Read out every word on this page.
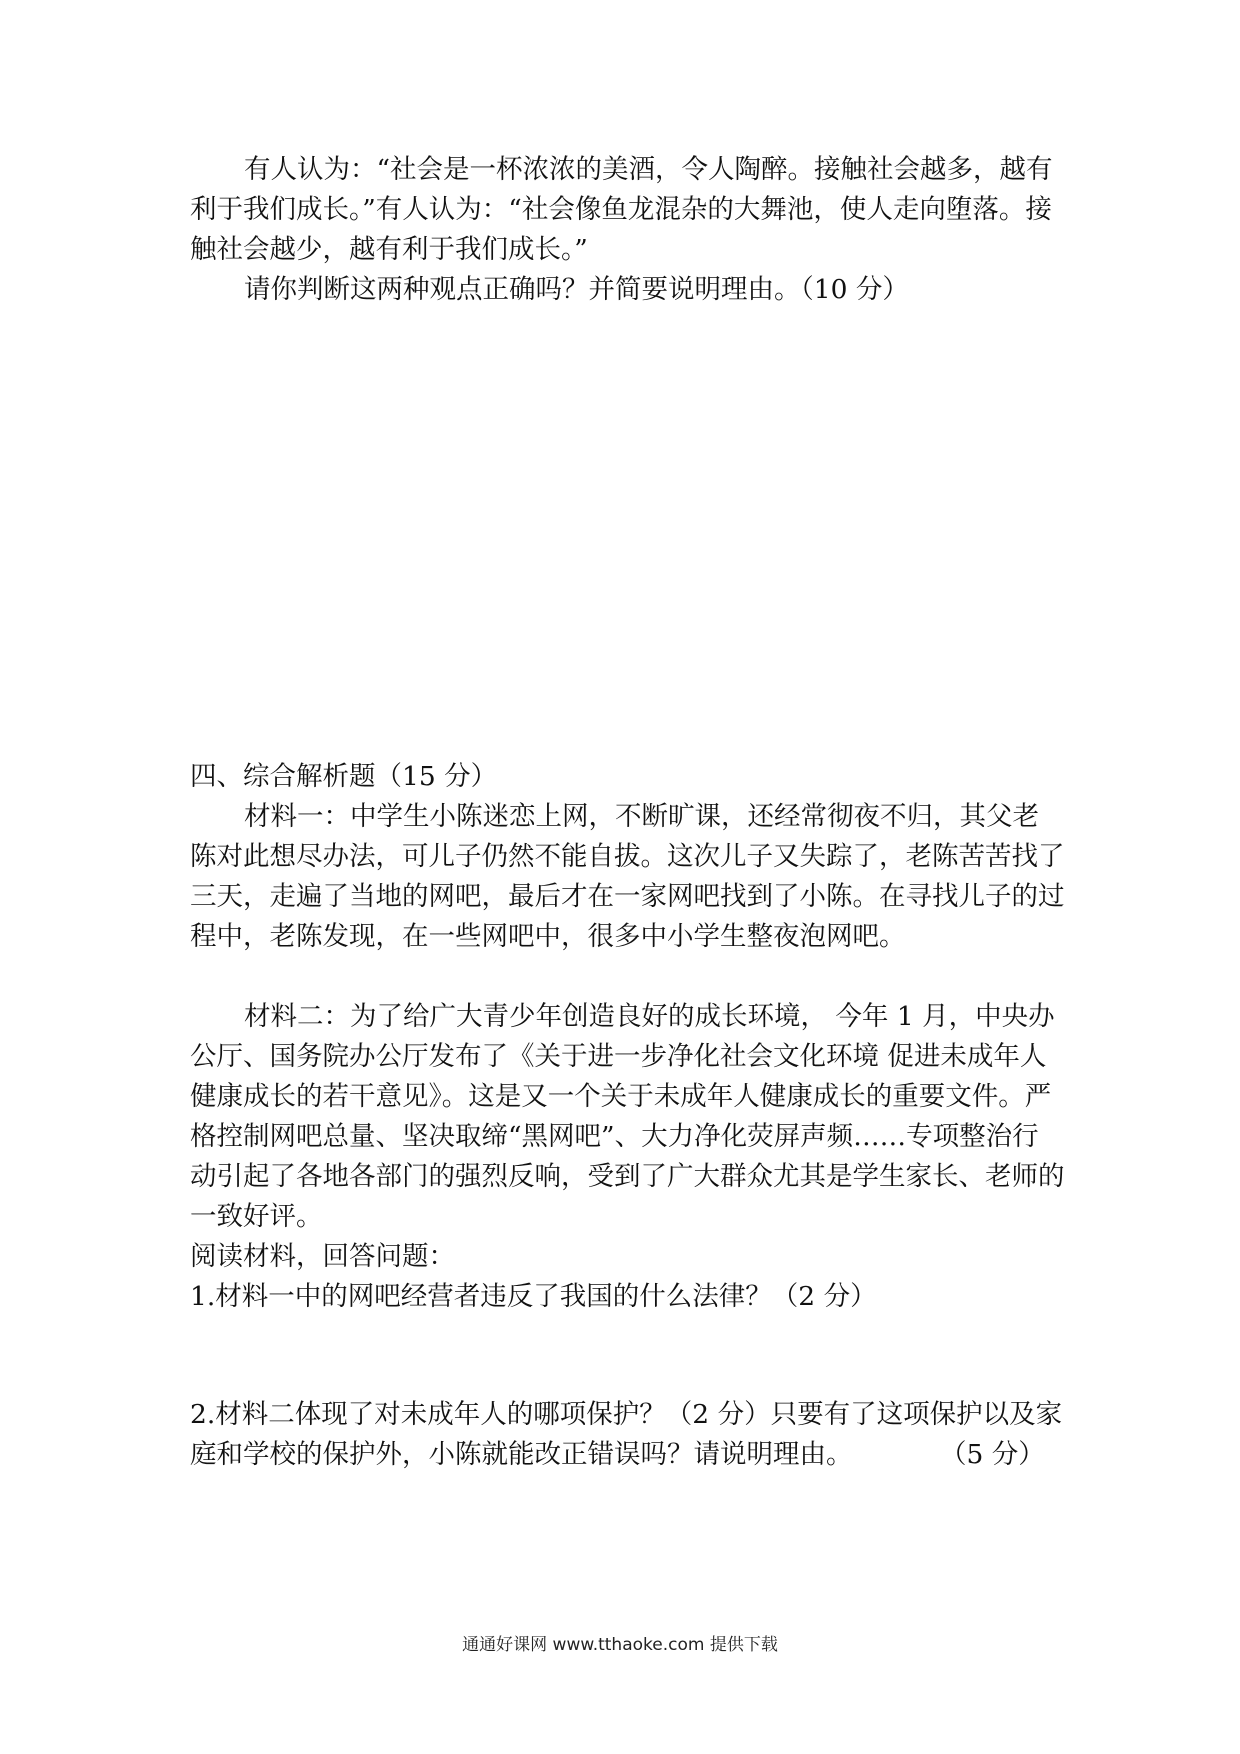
有人认为：“社会是一杯浓浓的美酒，令人陶醉。接触社会越多，越有利于我们成长。”有人认为：“社会像鱼龙混杂的大舞池，使人走向堕落。接触社会越少，越有利于我们成长。”

请你判断这两种观点正确吗？并简要说明理由。（10 分）

四、综合解析题（15 分）

材料一：中学生小陈迷恋上网，不断旷课，还经常彻夜不归，其父老陈对此想尽办法，可儿子仍然不能自拔。这次儿子又失踪了，老陈苦苦找了三天，走遍了当地的网吧，最后才在一家网吧找到了小陈。在寻找儿子的过程中，老陈发现，在一些网吧中，很多中小学生整夜泡网吧。

材料二：为了给广大青少年创造良好的成长环境， 今年 1 月，中央办公厅、国务院办公厅发布了《关于进一步净化社会文化环境 促进未成年人健康成长的若干意见》。这是又一个关于未成年人健康成长的重要文件。严格控制网吧总量、坚决取缔“黑网吧”、大力净化荧屏声频……专项整治行动引起了各地各部门的强烈反响，受到了广大群众尤其是学生家长、老师的一致好评。

阅读材料，回答问题：

1.材料一中的网吧经营者违反了我国的什么法律？（2 分）

2.材料二体现了对未成年人的哪项保护？（2 分）只要有了这项保护以及家庭和学校的保护外，小陈就能改正错误吗？请说明理由。	（5 分）
通通好课网 www.tthaoke.com 提供下载
